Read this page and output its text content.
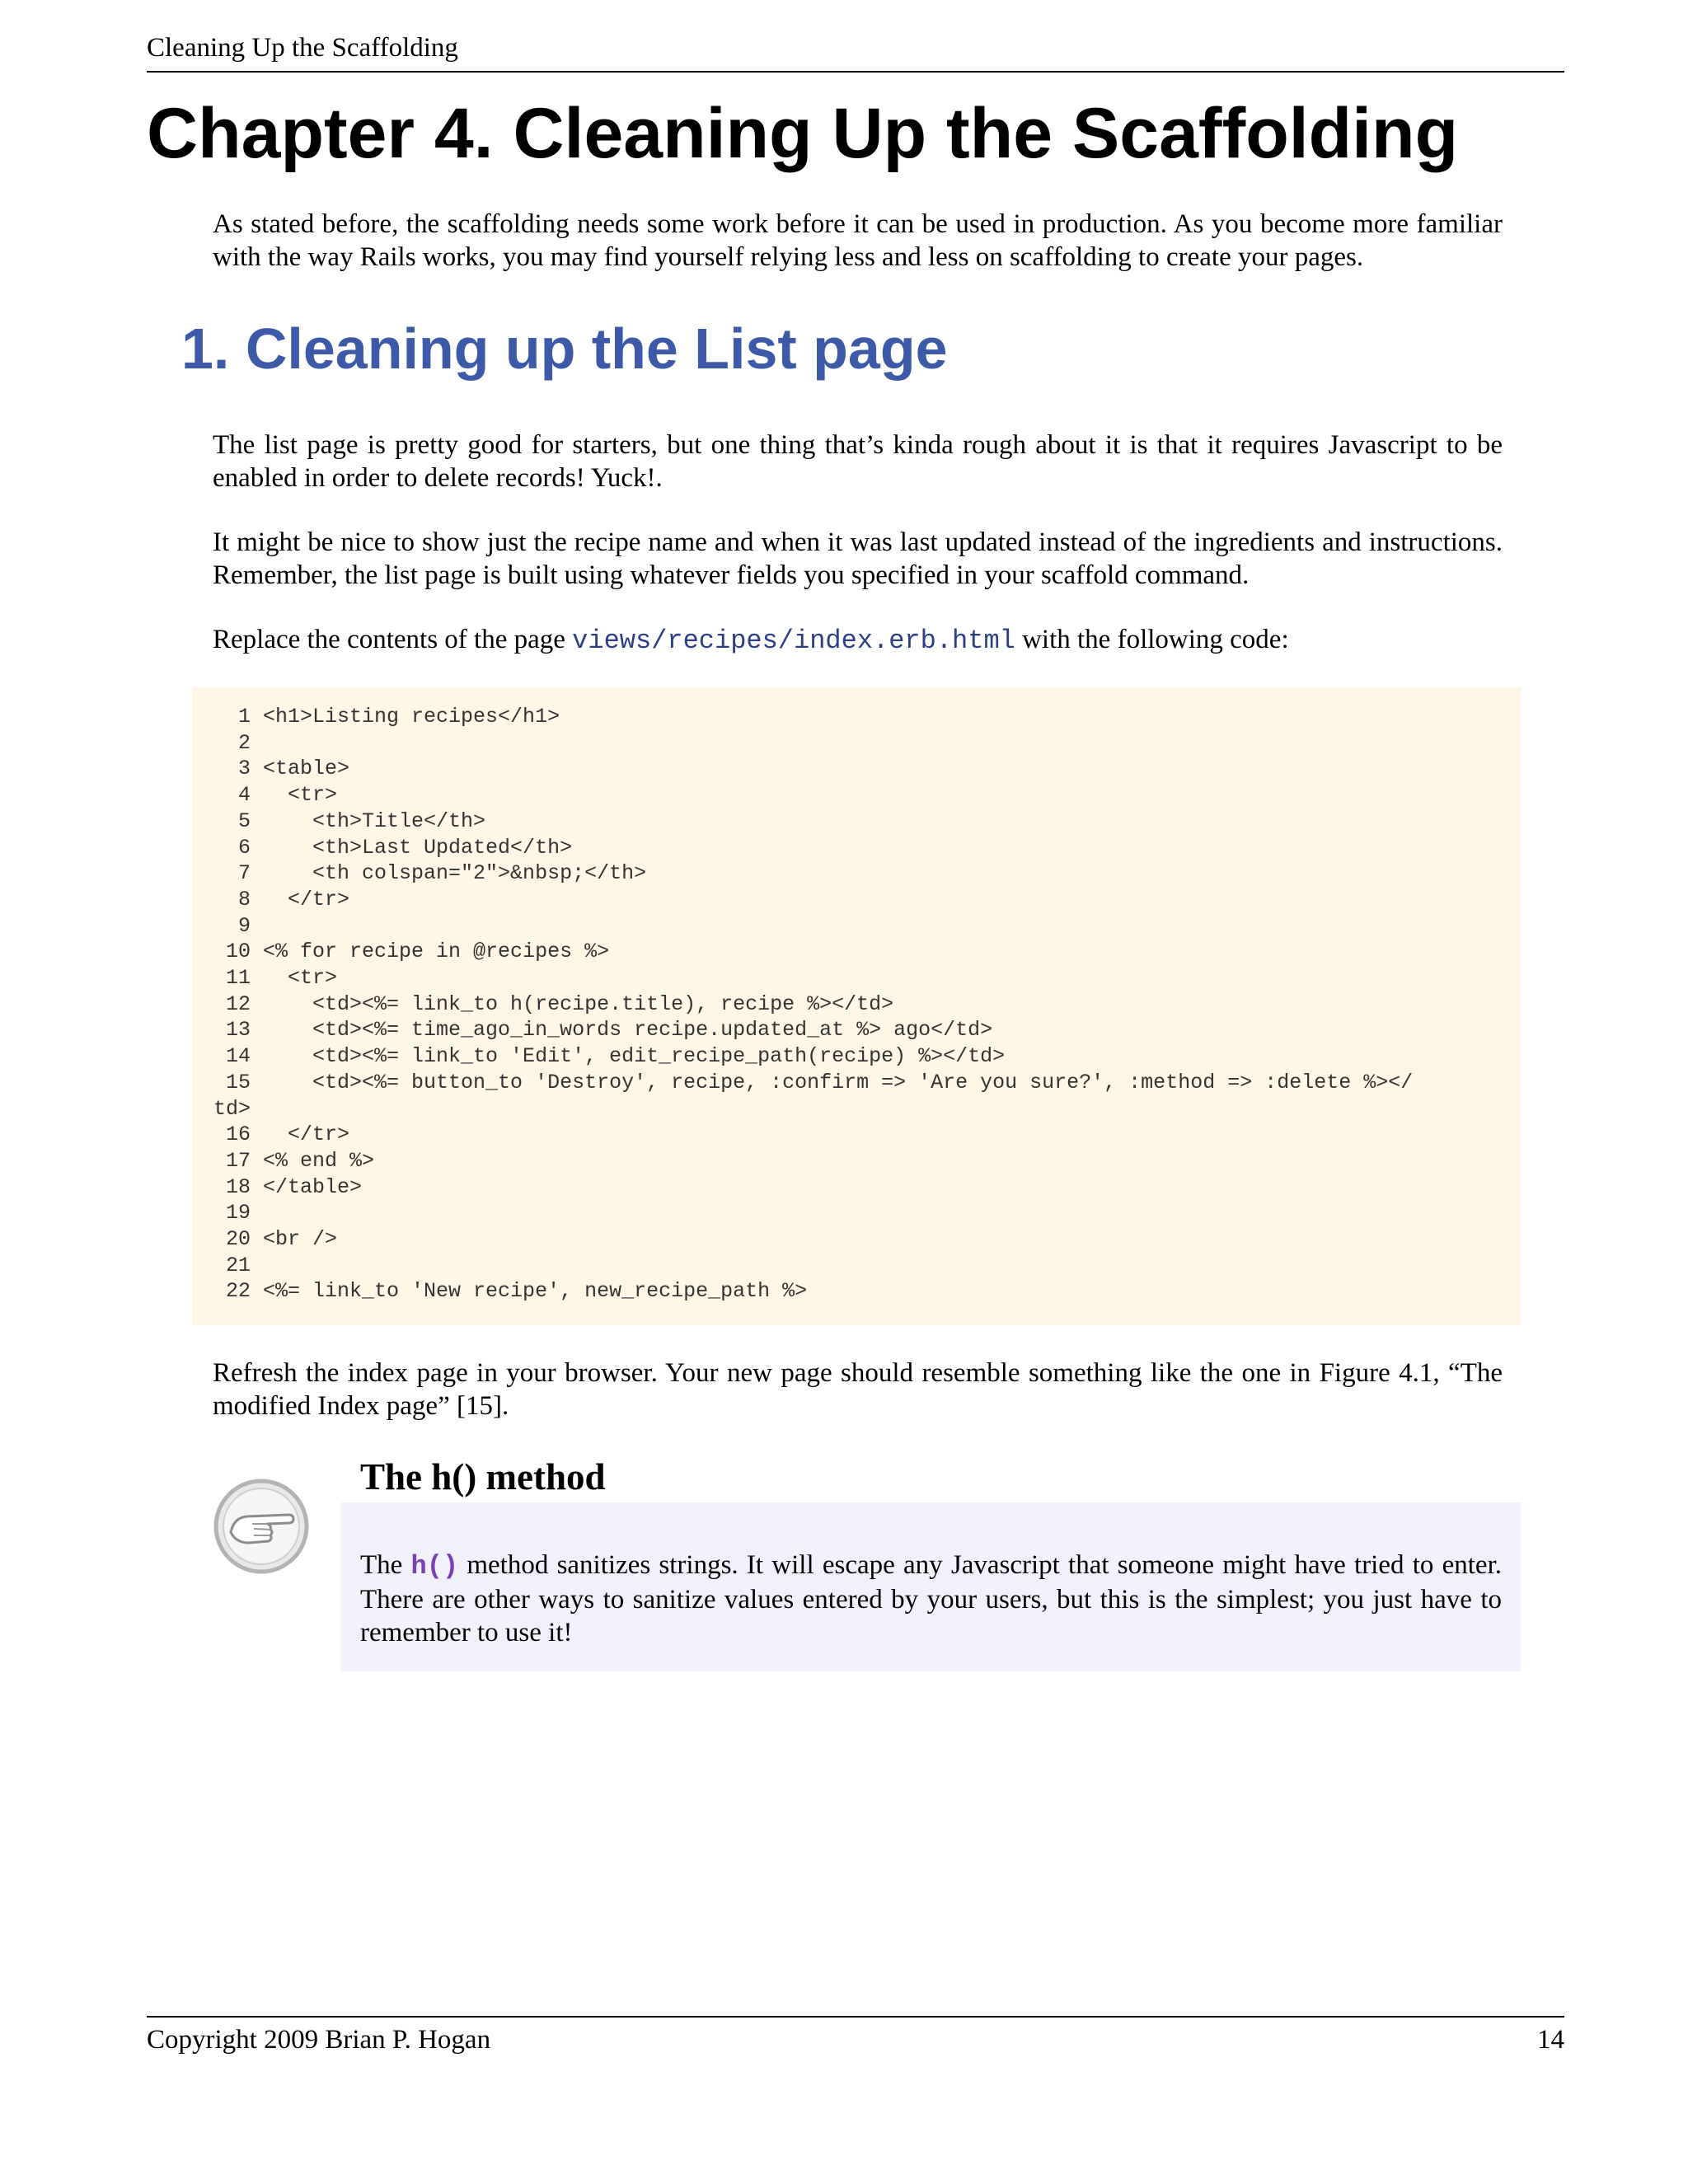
Cleaning Up the Scaffolding
Chapter 4. Cleaning Up the Scaffolding

As stated before, the scaffolding needs some work before it can be used in production. As you become more familiar with the way Rails works, you may find yourself relying less and less on scaffolding to create your pages.

1. Cleaning up the List page

The list page is pretty good for starters, but one thing that’s kinda rough about it is that it requires Javascript to be enabled in order to delete records! Yuck!.

It might be nice to show just the recipe name and when it was last updated instead of the ingredients and instructions. Remember, the list page is built using whatever fields you specified in your scaffold command.

Replace the contents of the page views/recipes/index.erb.html with the following code:

1 <h1>Listing recipes</h1>
2
3 <table>
4   <tr>
5     <th>Title</th>
6     <th>Last Updated</th>
7     <th colspan="2">&nbsp;</th>
8   </tr>
9
10 <% for recipe in @recipes %>
11   <tr>
12     <td><%= link_to h(recipe.title), recipe %></td>
13     <td><%= time_ago_in_words recipe.updated_at %> ago</td>
14     <td><%= link_to 'Edit', edit_recipe_path(recipe) %></td>
15     <td><%= button_to 'Destroy', recipe, :confirm => 'Are you sure?', :method => :delete %></
td>
16   </tr>
17 <% end %>
18 </table>
19
20 <br />
21
22 <%= link_to 'New recipe', new_recipe_path %>

Refresh the index page in your browser. Your new page should resemble something like the one in Figure 4.1, “The modified Index page” [15].

The h() method

The h() method sanitizes strings. It will escape any Javascript that someone might have tried to enter. There are other ways to sanitize values entered by your users, but this is the simplest; you just have to remember to use it!

Copyright 2009 Brian P. Hogan	14
